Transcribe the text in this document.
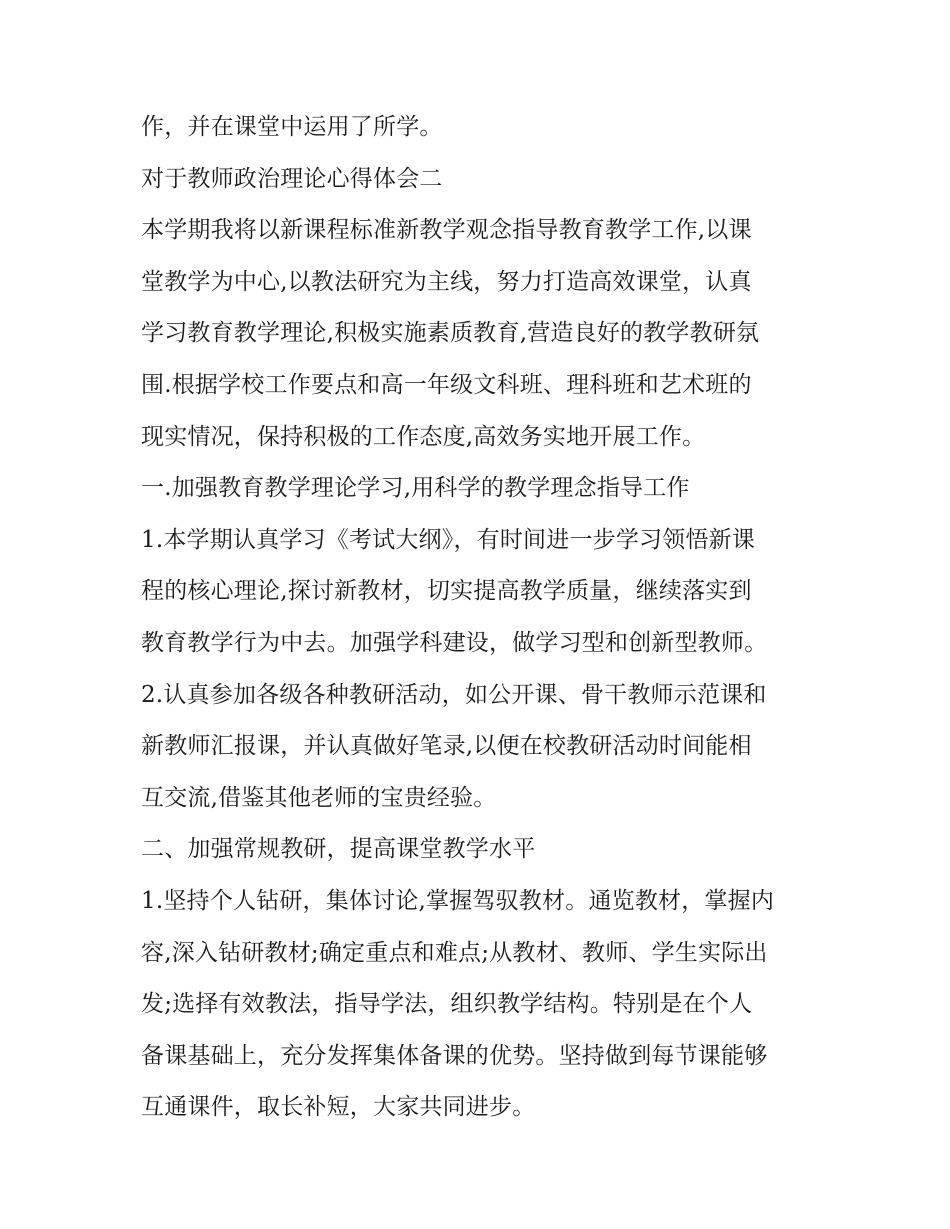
作，并在课堂中运用了所学。
对于教师政治理论心得体会二
本学期我将以新课程标准新教学观念指导教育教学工作,以课
堂教学为中心,以教法研究为主线，努力打造高效课堂，认真
学习教育教学理论,积极实施素质教育,营造良好的教学教研氛
围.根据学校工作要点和高一年级文科班、理科班和艺术班的
现实情况，保持积极的工作态度,高效务实地开展工作。
一.加强教育教学理论学习,用科学的教学理念指导工作
1.本学期认真学习《考试大纲》，有时间进一步学习领悟新课
程的核心理论,探讨新教材，切实提高教学质量，继续落实到
教育教学行为中去。加强学科建设，做学习型和创新型教师。
2.认真参加各级各种教研活动，如公开课、骨干教师示范课和
新教师汇报课，并认真做好笔录,以便在校教研活动时间能相
互交流,借鉴其他老师的宝贵经验。
二、加强常规教研，提高课堂教学水平
1.坚持个人钻研，集体讨论,掌握驾驭教材。通览教材，掌握内
容,深入钻研教材;确定重点和难点;从教材、教师、学生实际出
发;选择有效教法，指导学法，组织教学结构。特别是在个人
备课基础上，充分发挥集体备课的优势。坚持做到每节课能够
互通课件，取长补短，大家共同进步。
